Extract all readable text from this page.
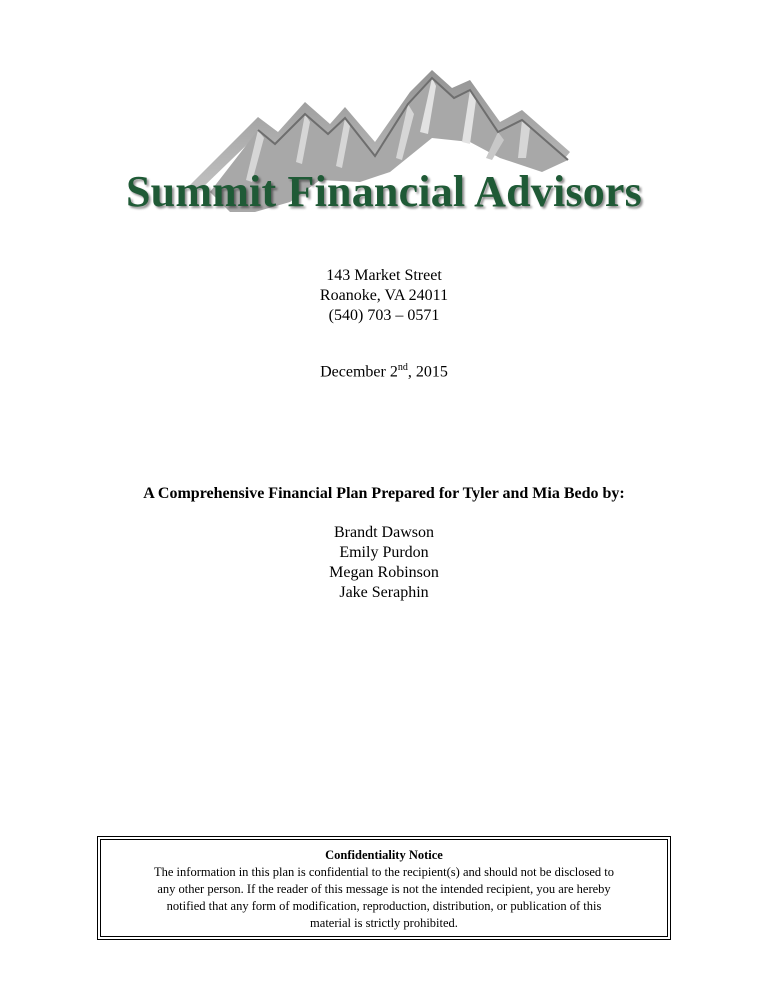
Summit Financial Advisors
143 Market Street
Roanoke, VA 24011
(540) 703 – 0571
December 2nd, 2015
A Comprehensive Financial Plan Prepared for Tyler and Mia Bedo by:
Brandt Dawson
Emily Purdon
Megan Robinson
Jake Seraphin
Confidentiality Notice
The information in this plan is confidential to the recipient(s) and should not be disclosed to
any other person. If the reader of this message is not the intended recipient, you are hereby
notified that any form of modification, reproduction, distribution, or publication of this
material is strictly prohibited.
